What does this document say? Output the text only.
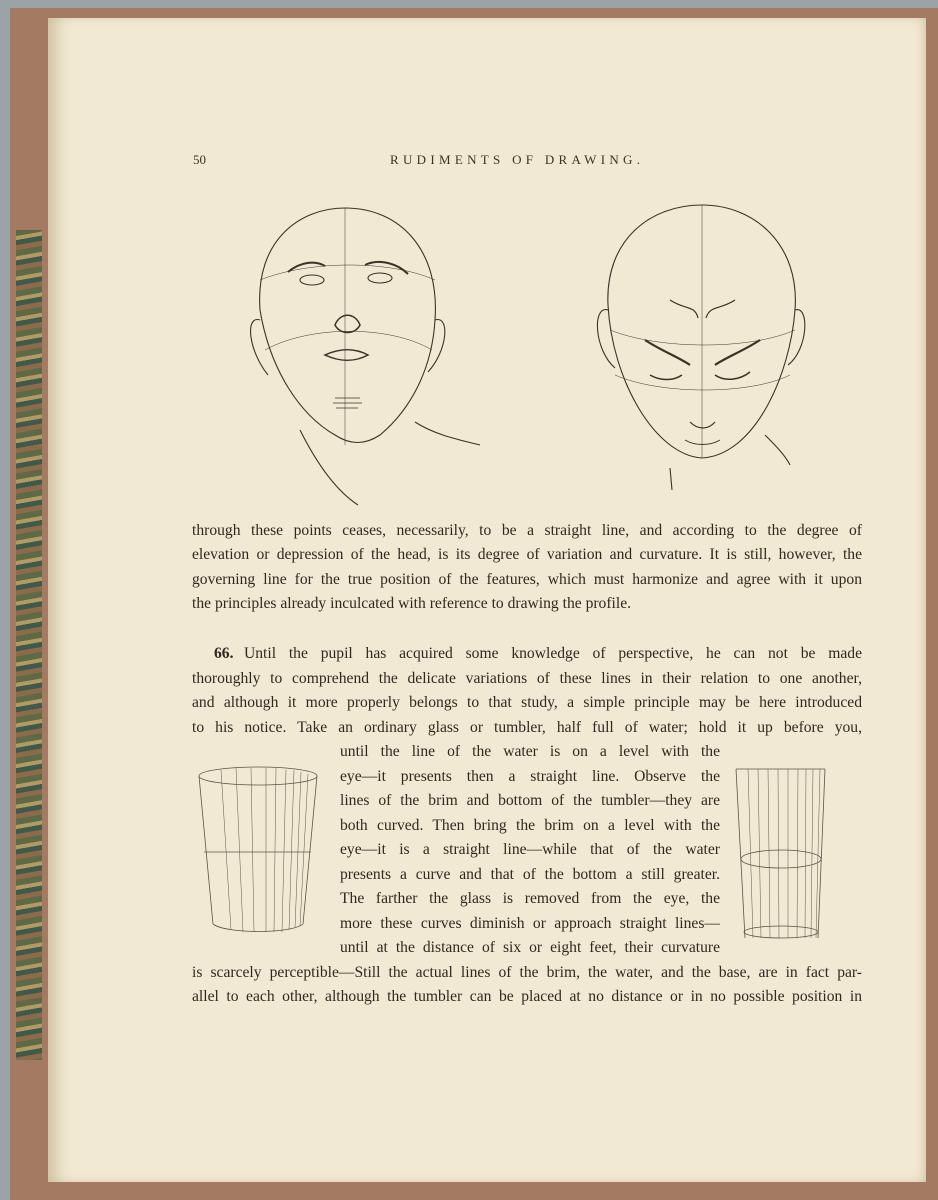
50	RUDIMENTS OF DRAWING.
through these points ceases, necessarily, to be a straight line, and according to the degree of
elevation or depression of the head, is its degree of variation and curvature. It is still, however, the
governing line for the true position of the features, which must harmonize and agree with it upon
the principles already inculcated with reference to drawing the profile.
66. Until the pupil has acquired some knowledge of perspective, he can not be made
thoroughly to comprehend the delicate variations of these lines in their relation to one another,
and although it more properly belongs to that study, a simple principle may be here introduced
to his notice. Take an ordinary glass or tumbler, half full of water; hold it up before you,
until the line of the water is on a level with the
eye—it presents then a straight line. Observe the
lines of the brim and bottom of the tumbler—they are
both curved. Then bring the brim on a level with the
eye—it is a straight line—while that of the water
presents a curve and that of the bottom a still greater.
The farther the glass is removed from the eye, the
more these curves diminish or approach straight lines—
until at the distance of six or eight feet, their curvature
is scarcely perceptible—Still the actual lines of the brim, the water, and the base, are in fact par-
allel to each other, although the tumbler can be placed at no distance or in no possible position in
